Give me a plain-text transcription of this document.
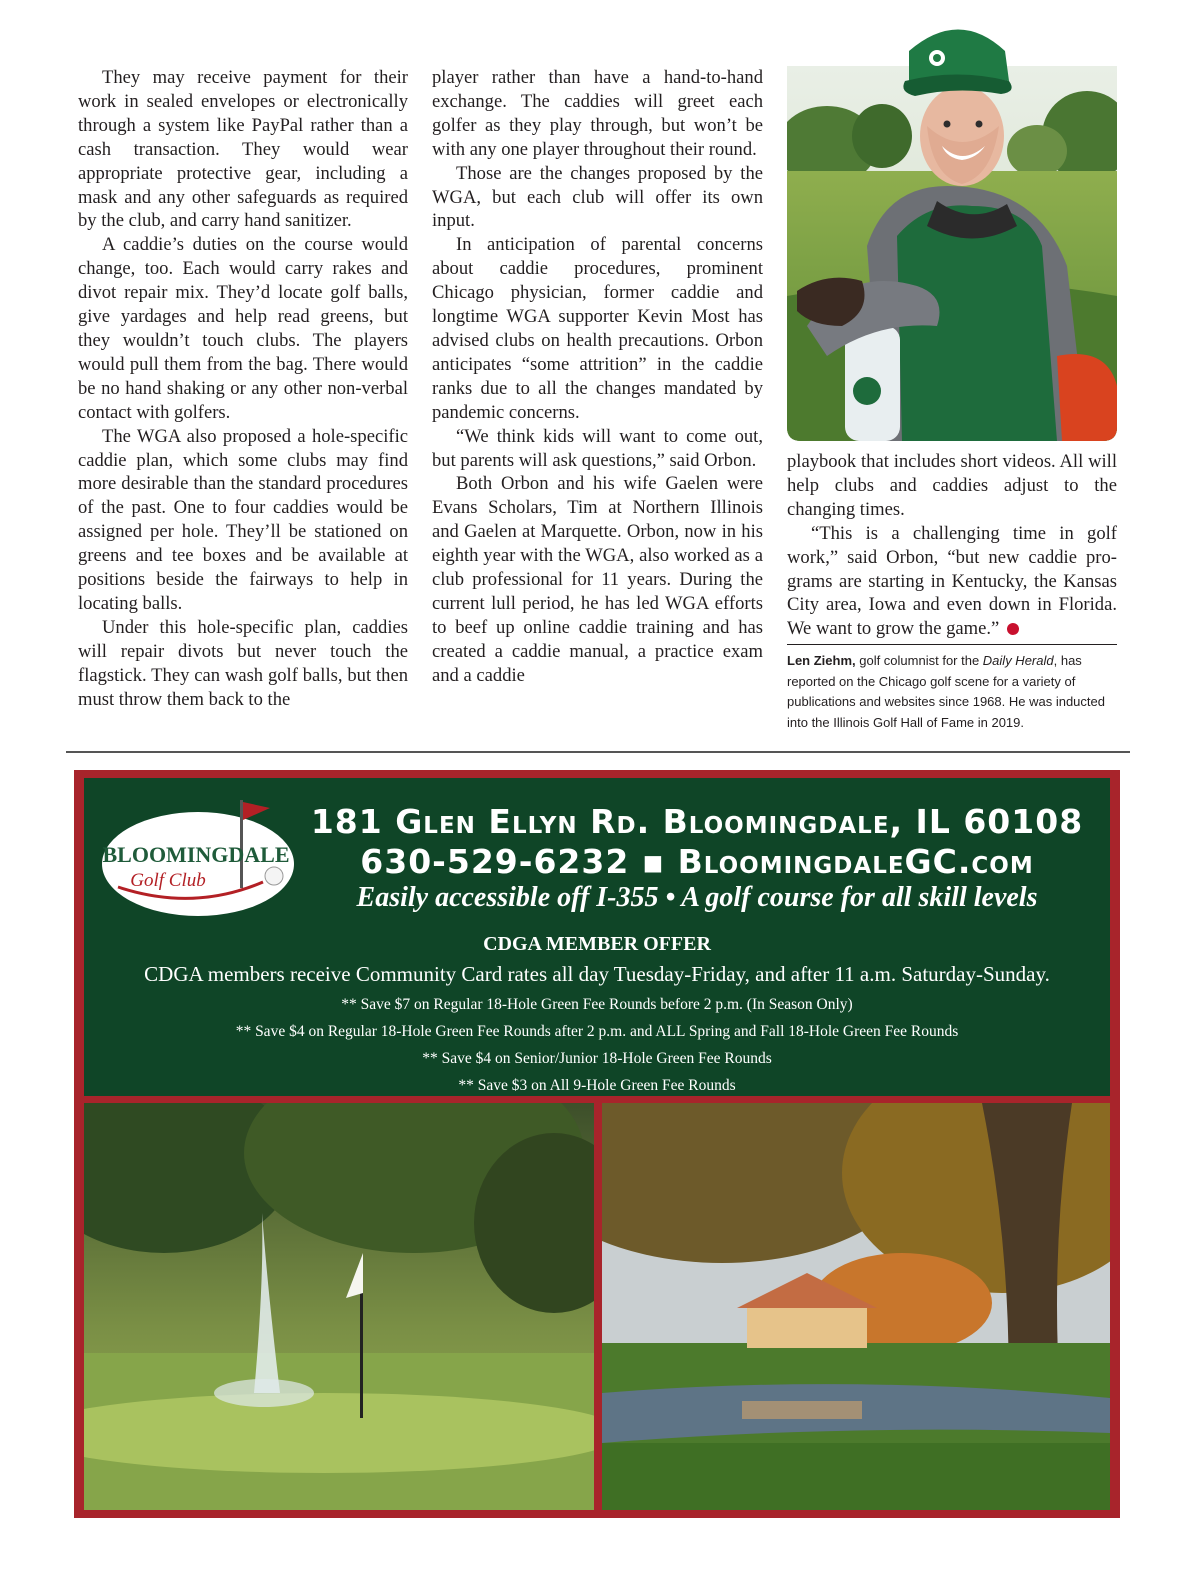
They may receive payment for their work in sealed envelopes or electronically through a system like PayPal rather than a cash transaction. They would wear appropriate protective gear, including a mask and any other safeguards as required by the club, and carry hand sanitizer.

A caddie’s duties on the course would change, too. Each would carry rakes and divot repair mix. They’d locate golf balls, give yardages and help read greens, but they wouldn’t touch clubs. The players would pull them from the bag. There would be no hand shaking or any other non-verbal contact with golfers.

The WGA also proposed a hole-specific caddie plan, which some clubs may find more desirable than the standard procedures of the past. One to four caddies would be assigned per hole. They’ll be stationed on greens and tee boxes and be available at positions beside the fairways to help in locating balls.

Under this hole-specific plan, caddies will repair divots but never touch the flagstick. They can wash golf balls, but then must throw them back to the

player rather than have a hand-to-hand exchange. The caddies will greet each golfer as they play through, but won’t be with any one player throughout their round.

Those are the changes proposed by the WGA, but each club will offer its own input.

In anticipation of parental concerns about caddie procedures, prominent Chicago physician, former caddie and longtime WGA supporter Kevin Most has advised clubs on health precautions. Orbon anticipates “some attrition” in the caddie ranks due to all the changes mandated by pandemic concerns.

“We think kids will want to come out, but parents will ask questions,” said Orbon.

Both Orbon and his wife Gaelen were Evans Scholars, Tim at Northern Illinois and Gaelen at Marquette. Orbon, now in his eighth year with the WGA, also worked as a club professional for 11 years. During the current lull period, he has led WGA efforts to beef up online caddie training and has created a caddie manual, a practice exam and a caddie

playbook that includes short videos. All will help clubs and caddies adjust to the changing times.

“This is a challenging time in golf work,” said Orbon, “but new caddie programs are starting in Kentucky, the Kansas City area, Iowa and even down in Florida. We want to grow the game.”

Len Ziehm, golf columnist for the Daily Herald, has reported on the Chicago golf scene for a variety of publications and websites since 1968. He was inducted into the Illinois Golf Hall of Fame in 2019.
BLOOMINGDALE
Golf Club
181 Glen Ellyn Rd. Bloomingdale, IL 60108
630-529-6232 ▪ BloomingdaleGC.com
Easily accessible off I-355 • A golf course for all skill levels
CDGA MEMBER OFFER
CDGA members receive Community Card rates all day Tuesday-Friday, and after 11 a.m. Saturday-Sunday.
** Save $7 on Regular 18-Hole Green Fee Rounds before 2 p.m. (In Season Only)
** Save $4 on Regular 18-Hole Green Fee Rounds after 2 p.m. and ALL Spring and Fall 18-Hole Green Fee Rounds
** Save $4 on Senior/Junior 18-Hole Green Fee Rounds
** Save $3 on All 9-Hole Green Fee Rounds
